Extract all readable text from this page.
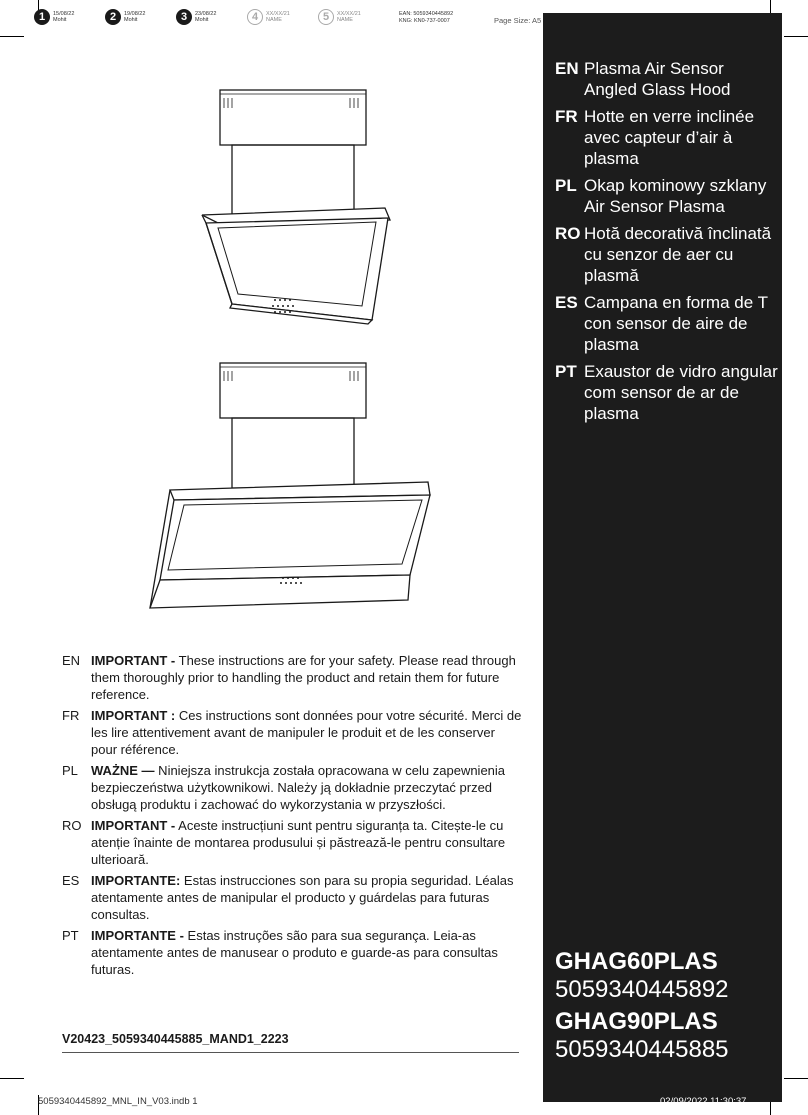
1	15/08/22
Mohit	2	19/08/22
Mohit	3	23/08/22
Mohit	4	XX/XX/21
NAME	5	XX/XX/21
NAME
EAN: 5059340445892
KNG: KN0-737-0007	Page Size: A5
EN IMPORTANT - These instructions are for your safety. Please read through them thoroughly prior to handling the product and retain them for future reference.
FR IMPORTANT : Ces instructions sont données pour votre sécurité. Merci de les lire attentivement avant de manipuler le produit et de les conserver pour référence.
PL	WAŻNE — Niniejsza instrukcja została opracowana w celu zapewnienia bezpieczeństwa użytkownikowi. Należy ją dokładnie przeczytać przed obsługą produktu i zachować do wykorzystania w przyszłości.
RO IMPORTANT - Aceste instrucțiuni sunt pentru siguranța ta. Citește-le cu atenție înainte de montarea produsului și păstrează-le pentru consultare ulterioară.
ES IMPORTANTE: Estas instrucciones son para su propia seguridad. Léalas atentamente antes de manipular el producto y guárdelas para futuras consultas.
PT IMPORTANTE - Estas instruções são para sua segurança. Leia-as atentamente antes de manusear o produto e guarde-as para consultas futuras.
V20423_5059340445885_MAND1_2223
EN Plasma Air Sensor Angled Glass Hood
FR Hotte en verre inclinée avec capteur d’air à plasma
PL Okap kominowy szklany Air Sensor Plasma
RO Hotă decorativă înclinată cu senzor de aer cu plasmă
ES Campana en forma de T con sensor de aire de plasma
PT Exaustor de vidro angular com sensor de ar de plasma
GHAG60PLAS
5059340445892
GHAG90PLAS
5059340445885
5059340445892_MNL_IN_V03.indb 1	02/09/2022 11:30:37
